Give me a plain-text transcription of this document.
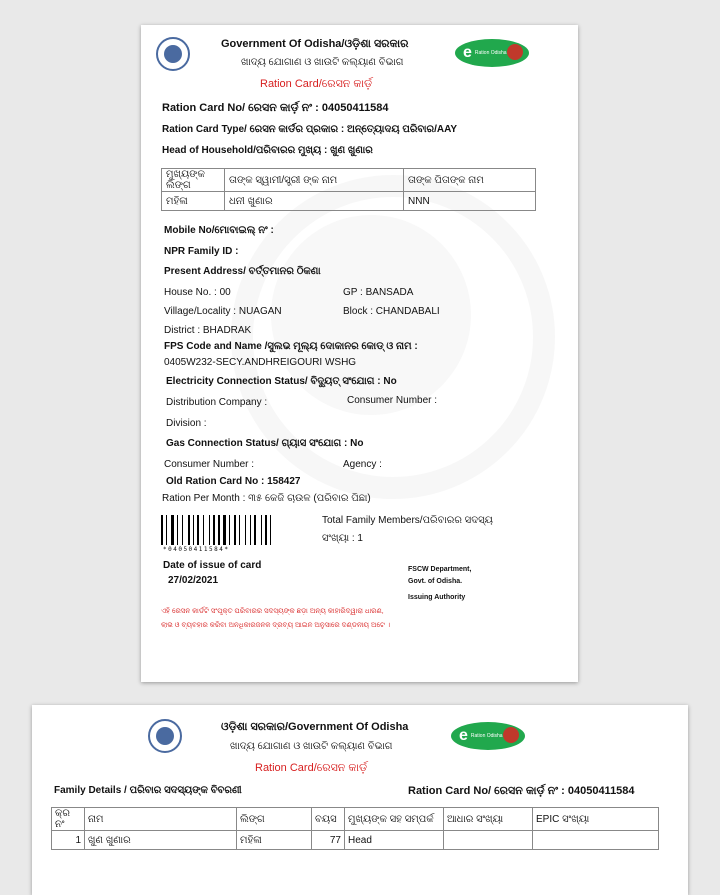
Government Of Odisha/ଓଡ଼ିଶା ସରକାର
ଖାଦ୍ୟ ଯୋଗାଣ ଓ ଖାଉଟି କଲ୍ୟାଣ ବିଭାଗ
Ration Card/ରେସନ କାର୍ଡ଼
e Ration Odisha
Ration Card No/ ରେସନ କାର୍ଡ଼ ନଂ : 04050411584
Ration Card Type/ ରେସନ କାର୍ଡର ପ୍ରକାର : ଅନ୍ତ୍ୟୋଦୟ ପରିବାର/AAY
Head of Household/ପରିବାରର ମୁଖ୍ୟ : ଖୁଣ ଖୁଣାର
ମୁଖ୍ୟଙ୍କ ଲିଙ୍ଗ	ତାଙ୍କ ସ୍ୱାମୀ/ସ୍ତ୍ରୀ ଙ୍କ ନାମ	ତାଙ୍କ ପିତାଙ୍କ ନାମ
ମହିଳା	ଧନୀ ଖୁଣାର	NNN
Mobile No/ମୋବାଇଲ୍ ନଂ :
NPR Family ID :
Present Address/ ବର୍ତ୍ତମାନର ଠିକଣା
House No. : 00	GP : BANSADA
Village/Locality : NUAGAN	Block : CHANDABALI
District : BHADRAK
FPS Code and Name /ସୁଲଭ ମୂଲ୍ୟ ଦୋକାନର କୋଡ୍ ଓ ନାମ :
0405W232-SECY.ANDHREIGOURI WSHG
Electricity Connection Status/ ବିଦ୍ୟୁତ୍ ସଂଯୋଗ : No
Distribution Company :	Consumer Number :
Division :
Gas Connection Status/ ଗ୍ୟାସ ସଂଯୋଗ : No
Consumer Number :	Agency :
Old Ration Card No : 158427
Ration Per Month : ୩୫ କେଜି ଚାଉଳ (ପରିବାର ପିଛା)
*04050411584*
Total Family Members/ପରିବାରର ସଦସ୍ୟ
ସଂଖ୍ୟା : 1
Date of issue of card
27/02/2021
FSCW Department,
Govt. of Odisha.
Issuing Authority
ଏହି ରେସନ କାର୍ଡଟି ସଂପୃକ୍ତ ପରିବାରର ସଦସ୍ୟଙ୍କ ଛଡ଼ା ଅନ୍ୟ କାହାରିଦ୍ୱାରା ଧାରଣ,
ଲାଭ ଓ ବ୍ୟବହାର କରିବା ଅନଧିକାରଜନକ ଦ୍ରବ୍ୟ ଆଇନ ଅନୁସାରେ ଦଣ୍ଡନୀୟ ଅଟେ ।
ଓଡ଼ିଶା ସରକାର/Government Of Odisha
ଖାଦ୍ୟ ଯୋଗାଣ ଓ ଖାଉଟି କଲ୍ୟାଣ ବିଭାଗ
Ration Card/ରେସନ କାର୍ଡ଼
e Ration Odisha
Family Details / ପରିବାର ସଦସ୍ୟଙ୍କ ବିବରଣୀ	Ration Card No/ ରେସନ କାର୍ଡ଼ ନଂ : 04050411584
କ୍ର ନଂ	ନାମ	ଲିଙ୍ଗ	ବୟସ	ମୁଖ୍ୟଙ୍କ ସହ ସମ୍ପର୍କ	ଆଧାର ସଂଖ୍ୟା	EPIC ସଂଖ୍ୟା
1	ଖୁଣ ଖୁଣାର	ମହିଳା	77	Head		
